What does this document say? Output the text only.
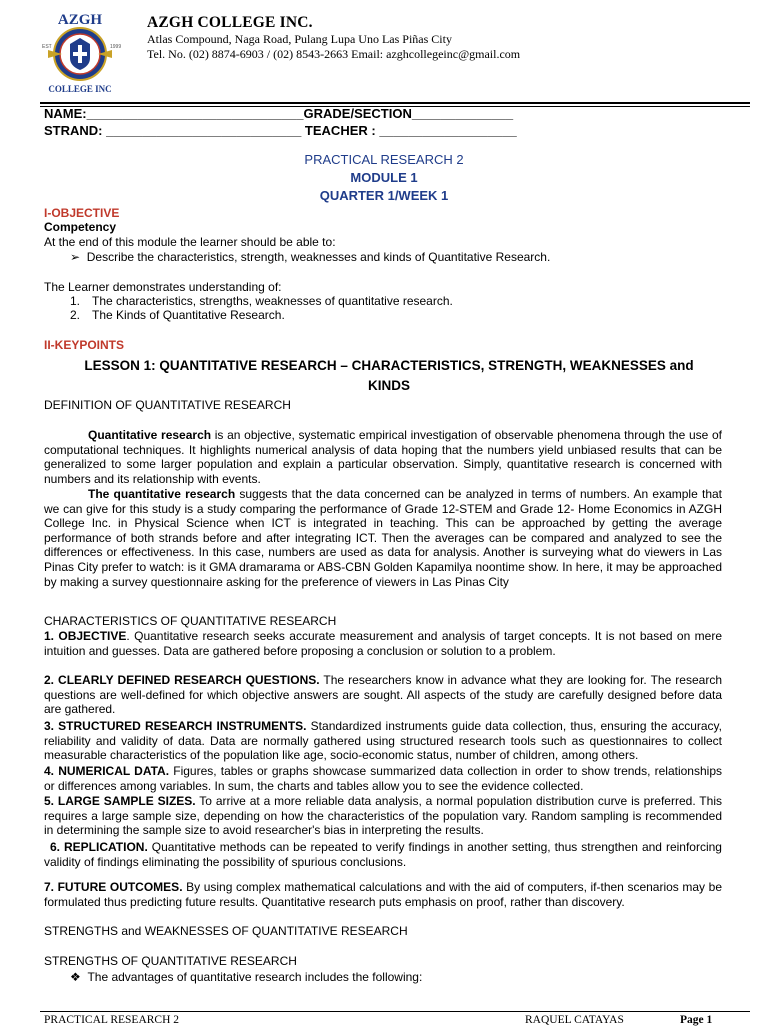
AZGH
EST	1999
COLLEGE INC
AZGH COLLEGE INC.
Atlas Compound, Naga Road, Pulang Lupa Uno Las Piñas City
Tel. No. (02) 8874-6903 / (02) 8543-2663 Email: azghcollegeinc@gmail.com
NAME:______________________________GRADE/SECTION______________
STRAND: ___________________________ TEACHER : ___________________
PRACTICAL RESEARCH 2
MODULE 1
QUARTER 1/WEEK 1
I-OBJECTIVE
Competency
At the end of this module the learner should be able to:
➢ Describe the characteristics, strength, weaknesses and kinds of Quantitative Research.
The Learner demonstrates understanding of:
1. The characteristics, strengths, weaknesses of quantitative research.
2. The Kinds of Quantitative Research.
II-KEYPOINTS
LESSON 1: QUANTITATIVE RESEARCH – CHARACTERISTICS, STRENGTH, WEAKNESSES and
KINDS
DEFINITION OF QUANTITATIVE RESEARCH
Quantitative research is an objective, systematic empirical investigation of observable phenomena through the use of computational techniques. It highlights numerical analysis of data hoping that the numbers yield unbiased results that can be generalized to some larger population and explain a particular observation. Simply, quantitative research is concerned with numbers and its relationship with events.
The quantitative research suggests that the data concerned can be analyzed in terms of numbers. An example that we can give for this study is a study comparing the performance of Grade 12-STEM and Grade 12- Home Economics in AZGH College Inc. in Physical Science when ICT is integrated in teaching. This can be approached by getting the average performance of both strands before and after integrating ICT. Then the averages can be compared and analyzed to see the differences or effectiveness. In this case, numbers are used as data for analysis. Another is surveying what do viewers in Las Pinas City prefer to watch: is it GMA dramarama or ABS-CBN Golden Kapamilya noontime show. In here, it may be approached by making a survey questionnaire asking for the preference of viewers in Las Pinas City
CHARACTERISTICS OF QUANTITATIVE RESEARCH
1. OBJECTIVE. Quantitative research seeks accurate measurement and analysis of target concepts. It is not based on mere intuition and guesses. Data are gathered before proposing a conclusion or solution to a problem.
2. CLEARLY DEFINED RESEARCH QUESTIONS. The researchers know in advance what they are looking for. The research questions are well-defined for which objective answers are sought. All aspects of the study are carefully designed before data are gathered.
3. STRUCTURED RESEARCH INSTRUMENTS. Standardized instruments guide data collection, thus, ensuring the accuracy, reliability and validity of data. Data are normally gathered using structured research tools such as questionnaires to collect measurable characteristics of the population like age, socio-economic status, number of children, among others.
4. NUMERICAL DATA. Figures, tables or graphs showcase summarized data collection in order to show trends, relationships or differences among variables. In sum, the charts and tables allow you to see the evidence collected.
5. LARGE SAMPLE SIZES. To arrive at a more reliable data analysis, a normal population distribution curve is preferred. This requires a large sample size, depending on how the characteristics of the population vary. Random sampling is recommended in determining the sample size to avoid researcher's bias in interpreting the results.
6. REPLICATION. Quantitative methods can be repeated to verify findings in another setting, thus strengthen and reinforcing validity of findings eliminating the possibility of spurious conclusions.
7. FUTURE OUTCOMES. By using complex mathematical calculations and with the aid of computers, if-then scenarios may be formulated thus predicting future results. Quantitative research puts emphasis on proof, rather than discovery.
STRENGTHS and WEAKNESSES OF QUANTITATIVE RESEARCH
STRENGTHS OF QUANTITATIVE RESEARCH
❖ The advantages of quantitative research includes the following:
PRACTICAL RESEARCH 2	RAQUEL CATAYAS	Page 1
